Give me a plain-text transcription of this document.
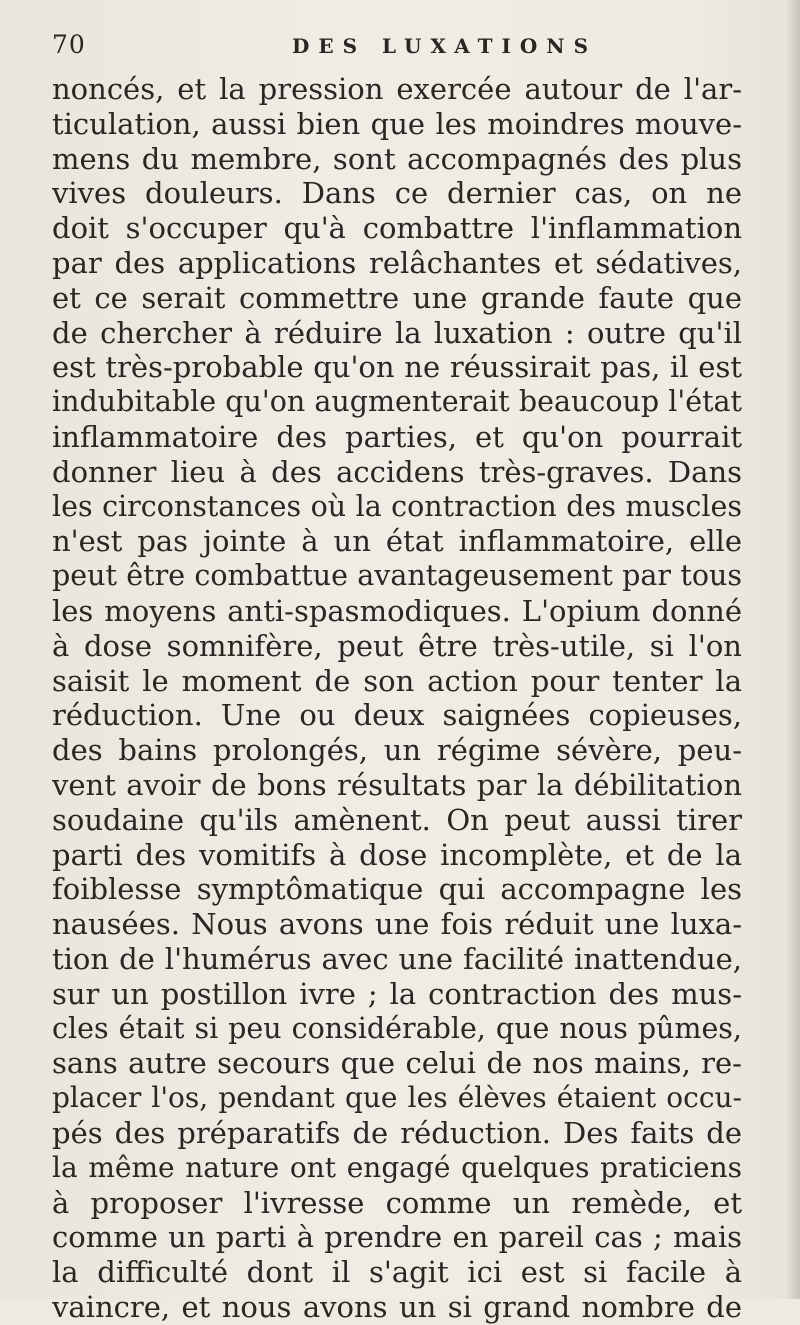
70	DES LUXATIONS
noncés, et la pression exercée autour de l'ar-
ticulation, aussi bien que les moindres mouve-
mens du membre, sont accompagnés des plus
vives douleurs. Dans ce dernier cas, on ne
doit s'occuper qu'à combattre l'inflammation
par des applications relâchantes et sédatives,
et ce serait commettre une grande faute que
de chercher à réduire la luxation : outre qu'il
est très-probable qu'on ne réussirait pas, il est
indubitable qu'on augmenterait beaucoup l'état
inflammatoire des parties, et qu'on pourrait
donner lieu à des accidens très-graves. Dans
les circonstances où la contraction des muscles
n'est pas jointe à un état inflammatoire, elle
peut être combattue avantageusement par tous
les moyens anti-spasmodiques. L'opium donné
à dose somnifère, peut être très-utile, si l'on
saisit le moment de son action pour tenter la
réduction. Une ou deux saignées copieuses,
des bains prolongés, un régime sévère, peu-
vent avoir de bons résultats par la débilitation
soudaine qu'ils amènent. On peut aussi tirer
parti des vomitifs à dose incomplète, et de la
foiblesse symptômatique qui accompagne les
nausées. Nous avons une fois réduit une luxa-
tion de l'humérus avec une facilité inattendue,
sur un postillon ivre ; la contraction des mus-
cles était si peu considérable, que nous pûmes,
sans autre secours que celui de nos mains, re-
placer l'os, pendant que les élèves étaient occu-
pés des préparatifs de réduction. Des faits de
la même nature ont engagé quelques praticiens
à proposer l'ivresse comme un remède, et
comme un parti à prendre en pareil cas ; mais
la difficulté dont il s'agit ici est si facile à
vaincre, et nous avons un si grand nombre de
